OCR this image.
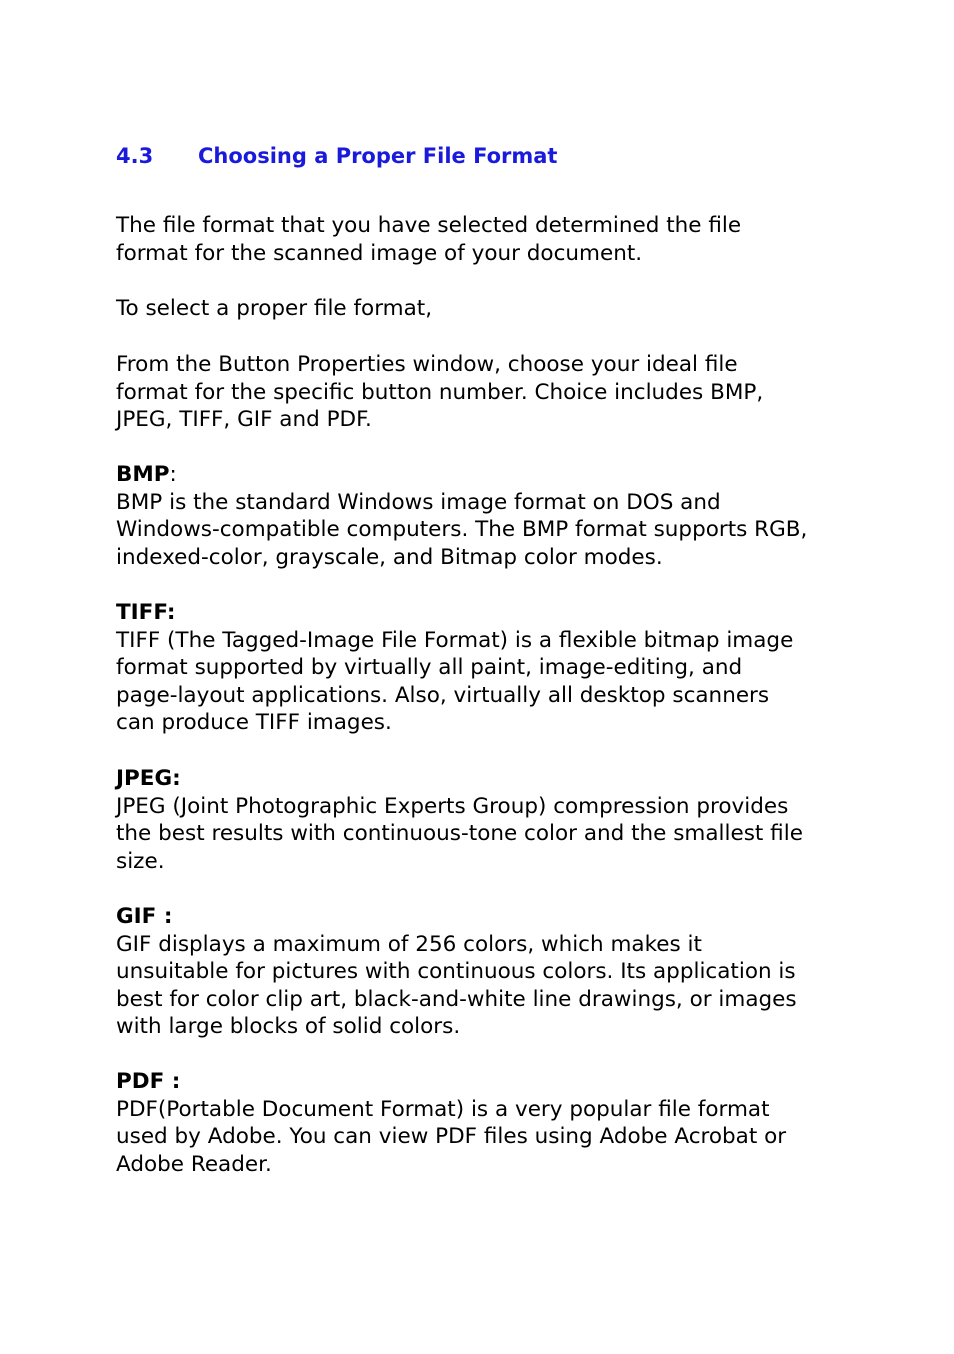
4.3 Choosing a Proper File Format

The file format that you have selected determined the file
format for the scanned image of your document.

To select a proper file format,

From the Button Properties window, choose your ideal file
format for the specific button number. Choice includes BMP,
JPEG, TIFF, GIF and PDF.

BMP:

BMP is the standard Windows image format on DOS and
Windows-compatible computers. The BMP format supports RGB,
indexed-color, grayscale, and Bitmap color modes.

TIFF:

TIFF (The Tagged-Image File Format) is a flexible bitmap image
format supported by virtually all paint, image-editing, and
page-layout applications. Also, virtually all desktop scanners
can produce TIFF images.

JPEG:

JPEG (Joint Photographic Experts Group) compression provides
the best results with continuous-tone color and the smallest file
size.

GIF :

GIF displays a maximum of 256 colors, which makes it
unsuitable for pictures with continuous colors. Its application is
best for color clip art, black-and-white line drawings, or images
with large blocks of solid colors.

PDF :

PDF(Portable Document Format) is a very popular file format
used by Adobe. You can view PDF files using Adobe Acrobat or
Adobe Reader.
